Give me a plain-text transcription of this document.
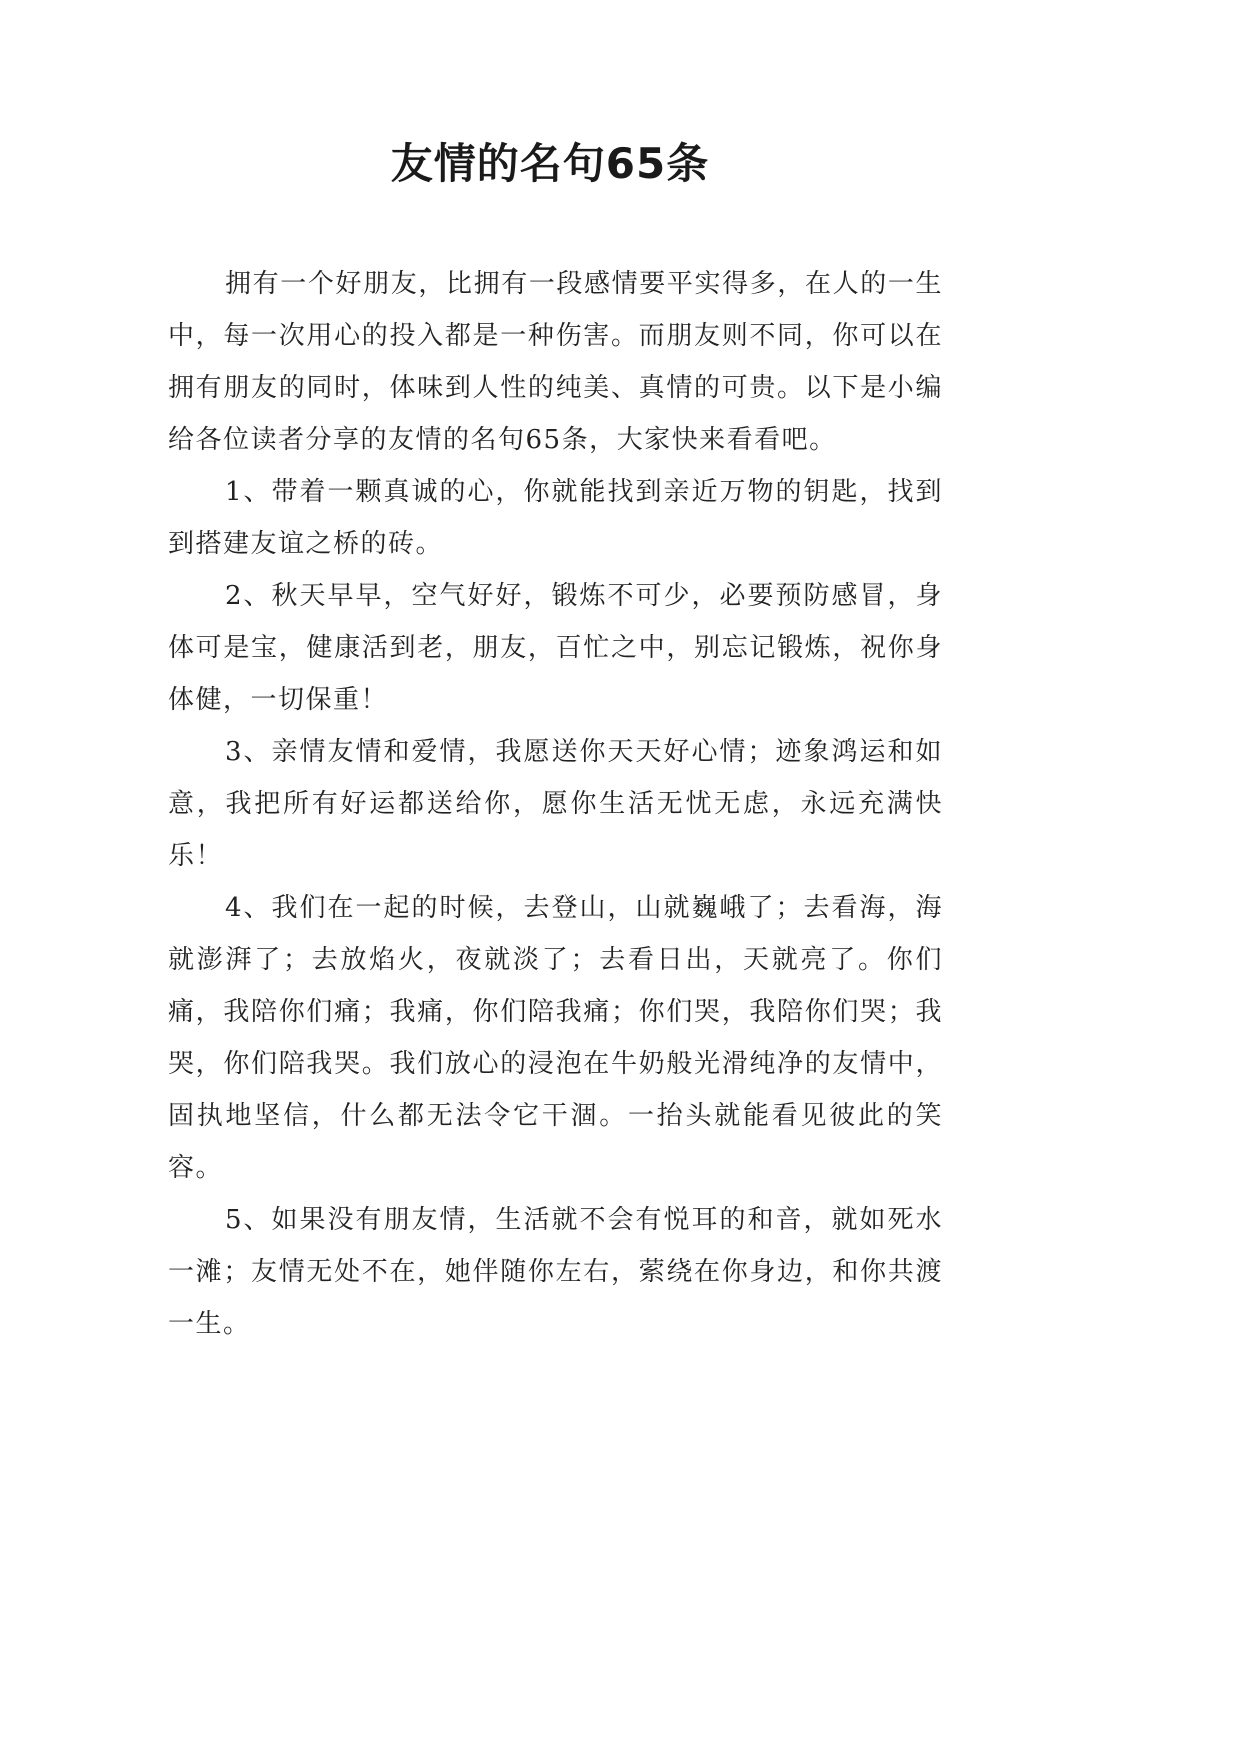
友情的名句65条

拥有一个好朋友，比拥有一段感情要平实得多，在人的一生中，每一次用心的投入都是一种伤害。而朋友则不同，你可以在拥有朋友的同时，体味到人性的纯美、真情的可贵。以下是小编给各位读者分享的友情的名句65条，大家快来看看吧。

1、带着一颗真诚的心，你就能找到亲近万物的钥匙，找到到搭建友谊之桥的砖。

2、秋天早早，空气好好，锻炼不可少，必要预防感冒，身体可是宝，健康活到老，朋友，百忙之中，别忘记锻炼，祝你身体健，一切保重！

3、亲情友情和爱情，我愿送你天天好心情；迹象鸿运和如意，我把所有好运都送给你，愿你生活无忧无虑，永远充满快乐！

4、我们在一起的时候，去登山，山就巍峨了；去看海，海就澎湃了；去放焰火，夜就淡了；去看日出，天就亮了。你们痛，我陪你们痛；我痛，你们陪我痛；你们哭，我陪你们哭；我哭，你们陪我哭。我们放心的浸泡在牛奶般光滑纯净的友情中，固执地坚信，什么都无法令它干涸。一抬头就能看见彼此的笑容。

5、如果没有朋友情，生活就不会有悦耳的和音，就如死水一滩；友情无处不在，她伴随你左右，萦绕在你身边，和你共渡一生。
